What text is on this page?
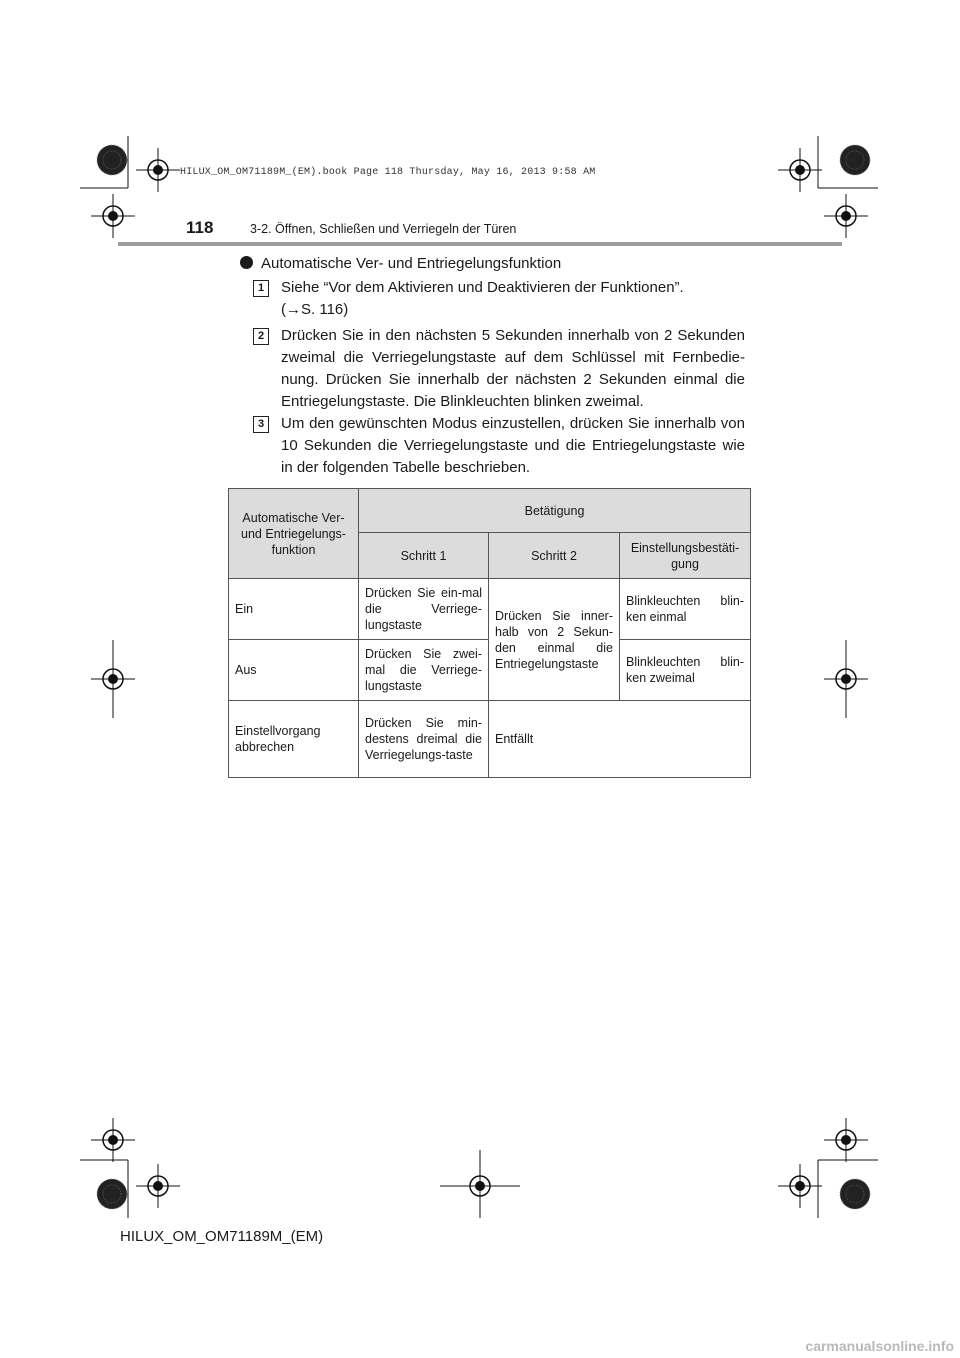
HILUX_OM_OM71189M_(EM).book Page 118 Thursday, May 16, 2013 9:58 AM
118	3-2. Öffnen, Schließen und Verriegeln der Türen
Automatische Ver- und Entriegelungsfunktion
1	Siehe “Vor dem Aktivieren und Deaktivieren der Funktionen”.
(→S. 116)
2	Drücken Sie in den nächsten 5 Sekunden innerhalb von 2 Sekunden zweimal die Verriegelungstaste auf dem Schlüssel mit Fernbedie-nung. Drücken Sie innerhalb der nächsten 2 Sekunden einmal die Entriegelungstaste. Die Blinkleuchten blinken zweimal.
3	Um den gewünschten Modus einzustellen, drücken Sie innerhalb von 10 Sekunden die Verriegelungstaste und die Entriegelungstaste wie in der folgenden Tabelle beschrieben.
Automatische Ver- und Entriegelungs-funktion	Betätigung		
	Schritt 1	Schritt 2	Einstellungsbestäti-gung
Ein	Drücken Sie ein-mal die Verriege-lungstaste	Drücken Sie inner-halb von 2 Sekun-den einmal die Entriegelungstaste	Blinkleuchten blin-ken einmal
Aus	Drücken Sie zwei-mal die Verriege-lungstaste		Blinkleuchten blin-ken zweimal
Einstellvorgang abbrechen	Drücken Sie min-destens dreimal die Verriegelungs-taste	Entfällt	
HILUX_OM_OM71189M_(EM)
carmanualsonline.info
